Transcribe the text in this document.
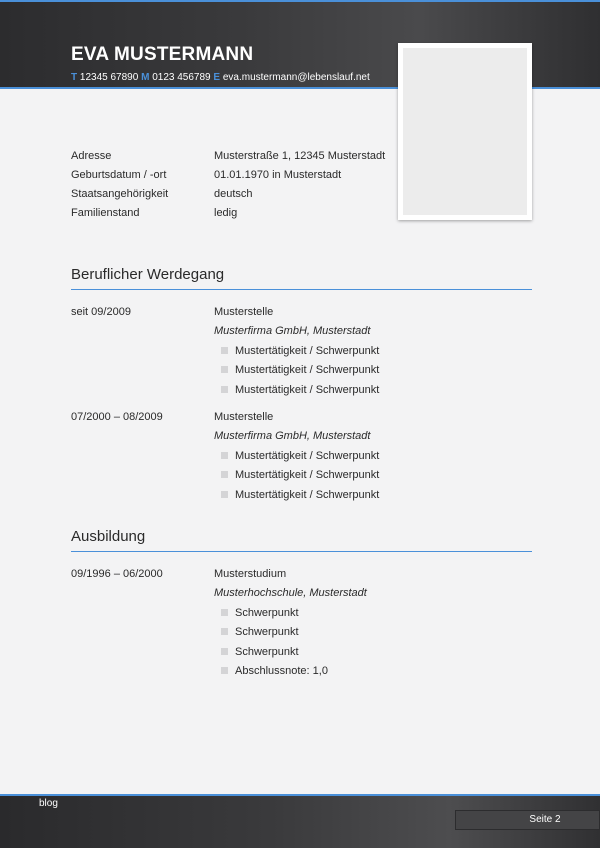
EVA MUSTERMANN
T 12345 67890 M 0123 456789 E eva.mustermann@lebenslauf.net
Adresse	Musterstraße 1, 12345 Musterstadt
Geburtsdatum / -ort	01.01.1970 in Musterstadt
Staatsangehörigkeit	deutsch
Familienstand	ledig
Beruflicher Werdegang
seit 09/2009	Musterstelle
Musterfirma GmbH, Musterstadt
Mustertätigkeit / Schwerpunkt
Mustertätigkeit / Schwerpunkt
Mustertätigkeit / Schwerpunkt
07/2000 – 08/2009	Musterstelle
Musterfirma GmbH, Musterstadt
Mustertätigkeit / Schwerpunkt
Mustertätigkeit / Schwerpunkt
Mustertätigkeit / Schwerpunkt
Ausbildung
09/1996 – 06/2000	Musterstudium
Musterhochschule, Musterstadt
Schwerpunkt
Schwerpunkt
Schwerpunkt
Abschlussnote: 1,0
blog
Seite 2
